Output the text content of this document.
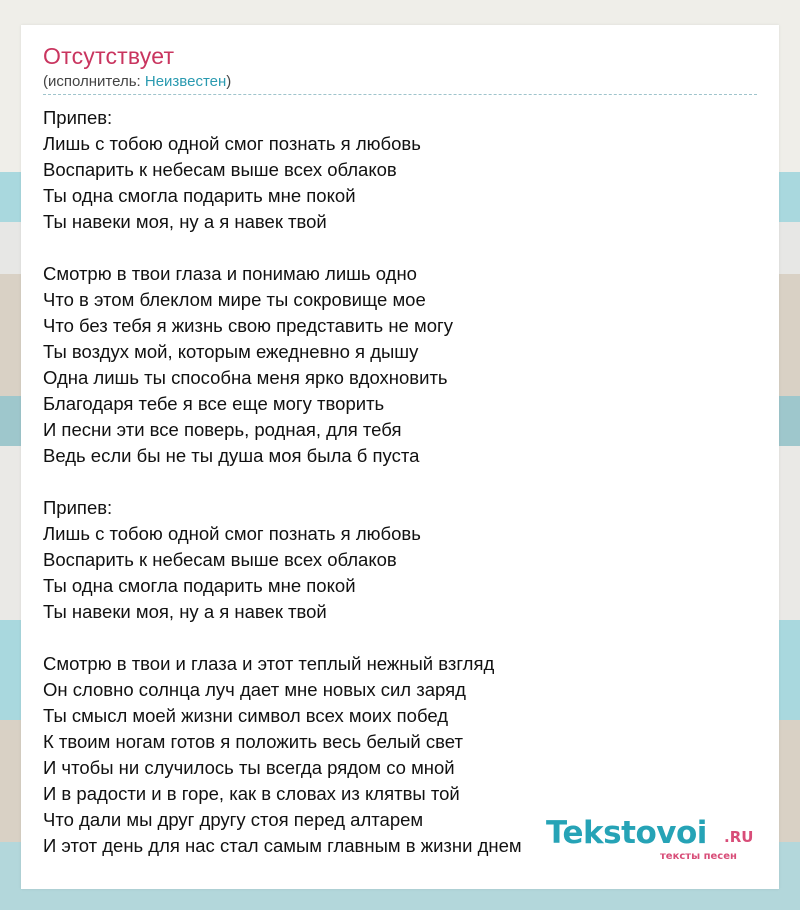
Отсутствует
(исполнитель: Неизвестен)
Припев:
Лишь с тобою одной смог познать я любовь
Воспарить к небесам выше всех облаков
Ты одна смогла подарить мне покой
Ты навеки моя, ну а я навек твой
Смотрю в твои глаза и понимаю лишь одно
Что в этом блеклом мире ты сокровище мое
Что без тебя я жизнь свою представить не могу
Ты воздух мой, которым ежедневно я дышу
Одна лишь ты способна меня ярко вдохновить
Благодаря тебе я все еще могу творить
И песни эти все поверь, родная, для тебя
Ведь если бы не ты душа моя была б пуста
Припев:
Лишь с тобою одной смог познать я любовь
Воспарить к небесам выше всех облаков
Ты одна смогла подарить мне покой
Ты навеки моя, ну а я навек твой
Смотрю в твои и глаза и этот теплый нежный взгляд
Он словно солнца луч дает мне новых сил заряд
Ты смысл моей жизни символ всех моих побед
К твоим ногам готов я положить весь белый свет
И чтобы ни случилось ты всегда рядом со мной
И в радости и в горе, как в словах из клятвы той
Что дали мы друг другу стоя перед алтарем
И этот день для нас стал самым главным в жизни днем Tekstovoi .RU
тексты песен
